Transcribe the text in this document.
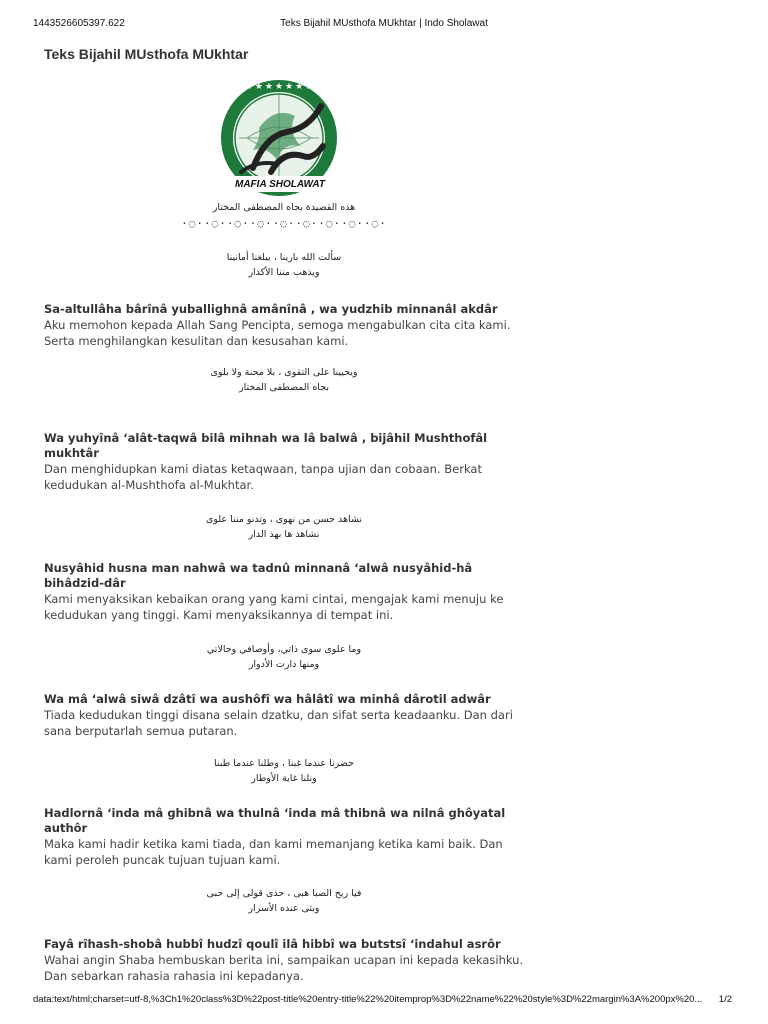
1443526605397.622	Teks Bijahil MUsthofa MUkhtar | Indo Sholawat
Teks Bijahil MUsthofa MUkhtar
★★★★★★★
MAFIA SHOLAWAT
هذه القصيدة بجاه المصطفى المختار
·◌··◌··◌··◌··◌··◌··◌··◌··◌·
سألت الله بارينا ، يبلغنا أمانينا
ويذهب مننا الأكدار

Sa-altullâha bârînâ yuballighnâ amânînâ , wa yudzhib minnanâl akdâr

Aku memohon kepada Allah Sang Pencipta, semoga mengabulkan cita cita kami. Serta menghilangkan kesulitan dan kesusahan kami.

ويحيينا على التقوى ، بلا محنة ولا بلوى
بجاه المصطفى المختار

Wa yuhyînâ ‘alât-taqwâ bilâ mihnah wa lâ balwâ , bijâhil Mushthofâl mukhtâr

Dan menghidupkan kami diatas ketaqwaan, tanpa ujian dan cobaan. Berkat kedudukan al-Mushthofa al-Mukhtar.

نشاهد حسن من نهوى ، وتدنو مننا علوى
نشاهد ها بهذ الدار

Nusyâhid husna man nahwâ wa tadnû minnanâ ‘alwâ nusyâhid-hâ bihâdzid-dâr

Kami menyaksikan kebaikan orang yang kami cintai, mengajak kami menuju ke kedudukan yang tinggi. Kami menyaksikannya di tempat ini.

وما علوى سوى ذاتي، وأوصافي وحالاتي
ومنها دارت الأدوار

Wa mâ ‘alwâ siwâ dzâtî wa aushôfî wa hâlâtî wa minhâ dârotil adwâr

Tiada kedudukan tinggi disana selain dzatku, dan sifat serta keadaanku. Dan dari sana berputarlah semua putaran.

حضرنا عندما غبنا ، وطلنا عندما طبنا
ونلنا غاية الأوطار

Hadlornâ ‘inda mâ ghibnâ wa thulnâ ‘inda mâ thibnâ wa nilnâ ghôyatal authôr

Maka kami hadir ketika kami tiada, dan kami memanjang ketika kami baik. Dan kami peroleh puncak tujuan tujuan kami.

فيا ريح الصبا هبى ، حذى قولى إلى حبى
وبثى عنده الأسرار

Fayâ rîhash-shobâ hubbî hudzî qoulî ilâ hibbî wa butstsî ‘indahul asrôr

Wahai angin Shaba hembuskan berita ini, sampaikan ucapan ini kepada kekasihku. Dan sebarkan rahasia rahasia ini kepadanya.

data:text/html;charset=utf-8,%3Ch1%20class%3D%22post-title%20entry-title%22%20itemprop%3D%22name%22%20style%3D%22margin%3A%200px%20...	1/2
